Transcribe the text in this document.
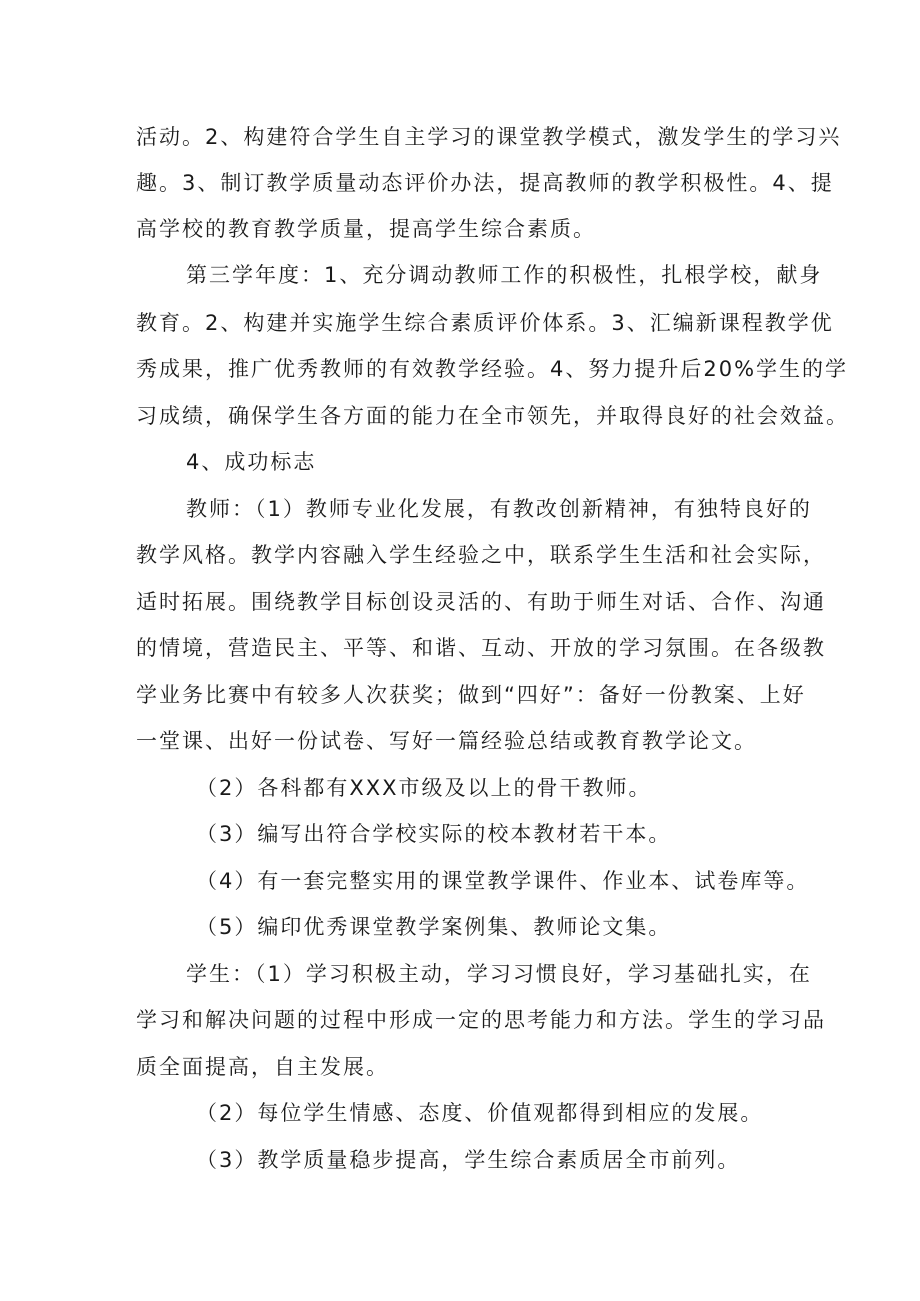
活动。2、构建符合学生自主学习的课堂教学模式，激发学生的学习兴
趣。3、制订教学质量动态评价办法，提高教师的教学积极性。4、提
高学校的教育教学质量，提高学生综合素质。
第三学年度：1、充分调动教师工作的积极性，扎根学校，献身
教育。2、构建并实施学生综合素质评价体系。3、汇编新课程教学优
秀成果，推广优秀教师的有效教学经验。4、努力提升后20%学生的学
习成绩，确保学生各方面的能力在全市领先，并取得良好的社会效益。
4、成功标志
教师：（1）教师专业化发展，有教改创新精神，有独特良好的
教学风格。教学内容融入学生经验之中，联系学生生活和社会实际，
适时拓展。围绕教学目标创设灵活的、有助于师生对话、合作、沟通
的情境，营造民主、平等、和谐、互动、开放的学习氛围。在各级教
学业务比赛中有较多人次获奖；做到“四好”：备好一份教案、上好
一堂课、出好一份试卷、写好一篇经验总结或教育教学论文。
（2）各科都有XXX市级及以上的骨干教师。
（3）编写出符合学校实际的校本教材若干本。
（4）有一套完整实用的课堂教学课件、作业本、试卷库等。
（5）编印优秀课堂教学案例集、教师论文集。
学生：（1）学习积极主动，学习习惯良好，学习基础扎实，在
学习和解决问题的过程中形成一定的思考能力和方法。学生的学习品
质全面提高，自主发展。
（2）每位学生情感、态度、价值观都得到相应的发展。
（3）教学质量稳步提高，学生综合素质居全市前列。
